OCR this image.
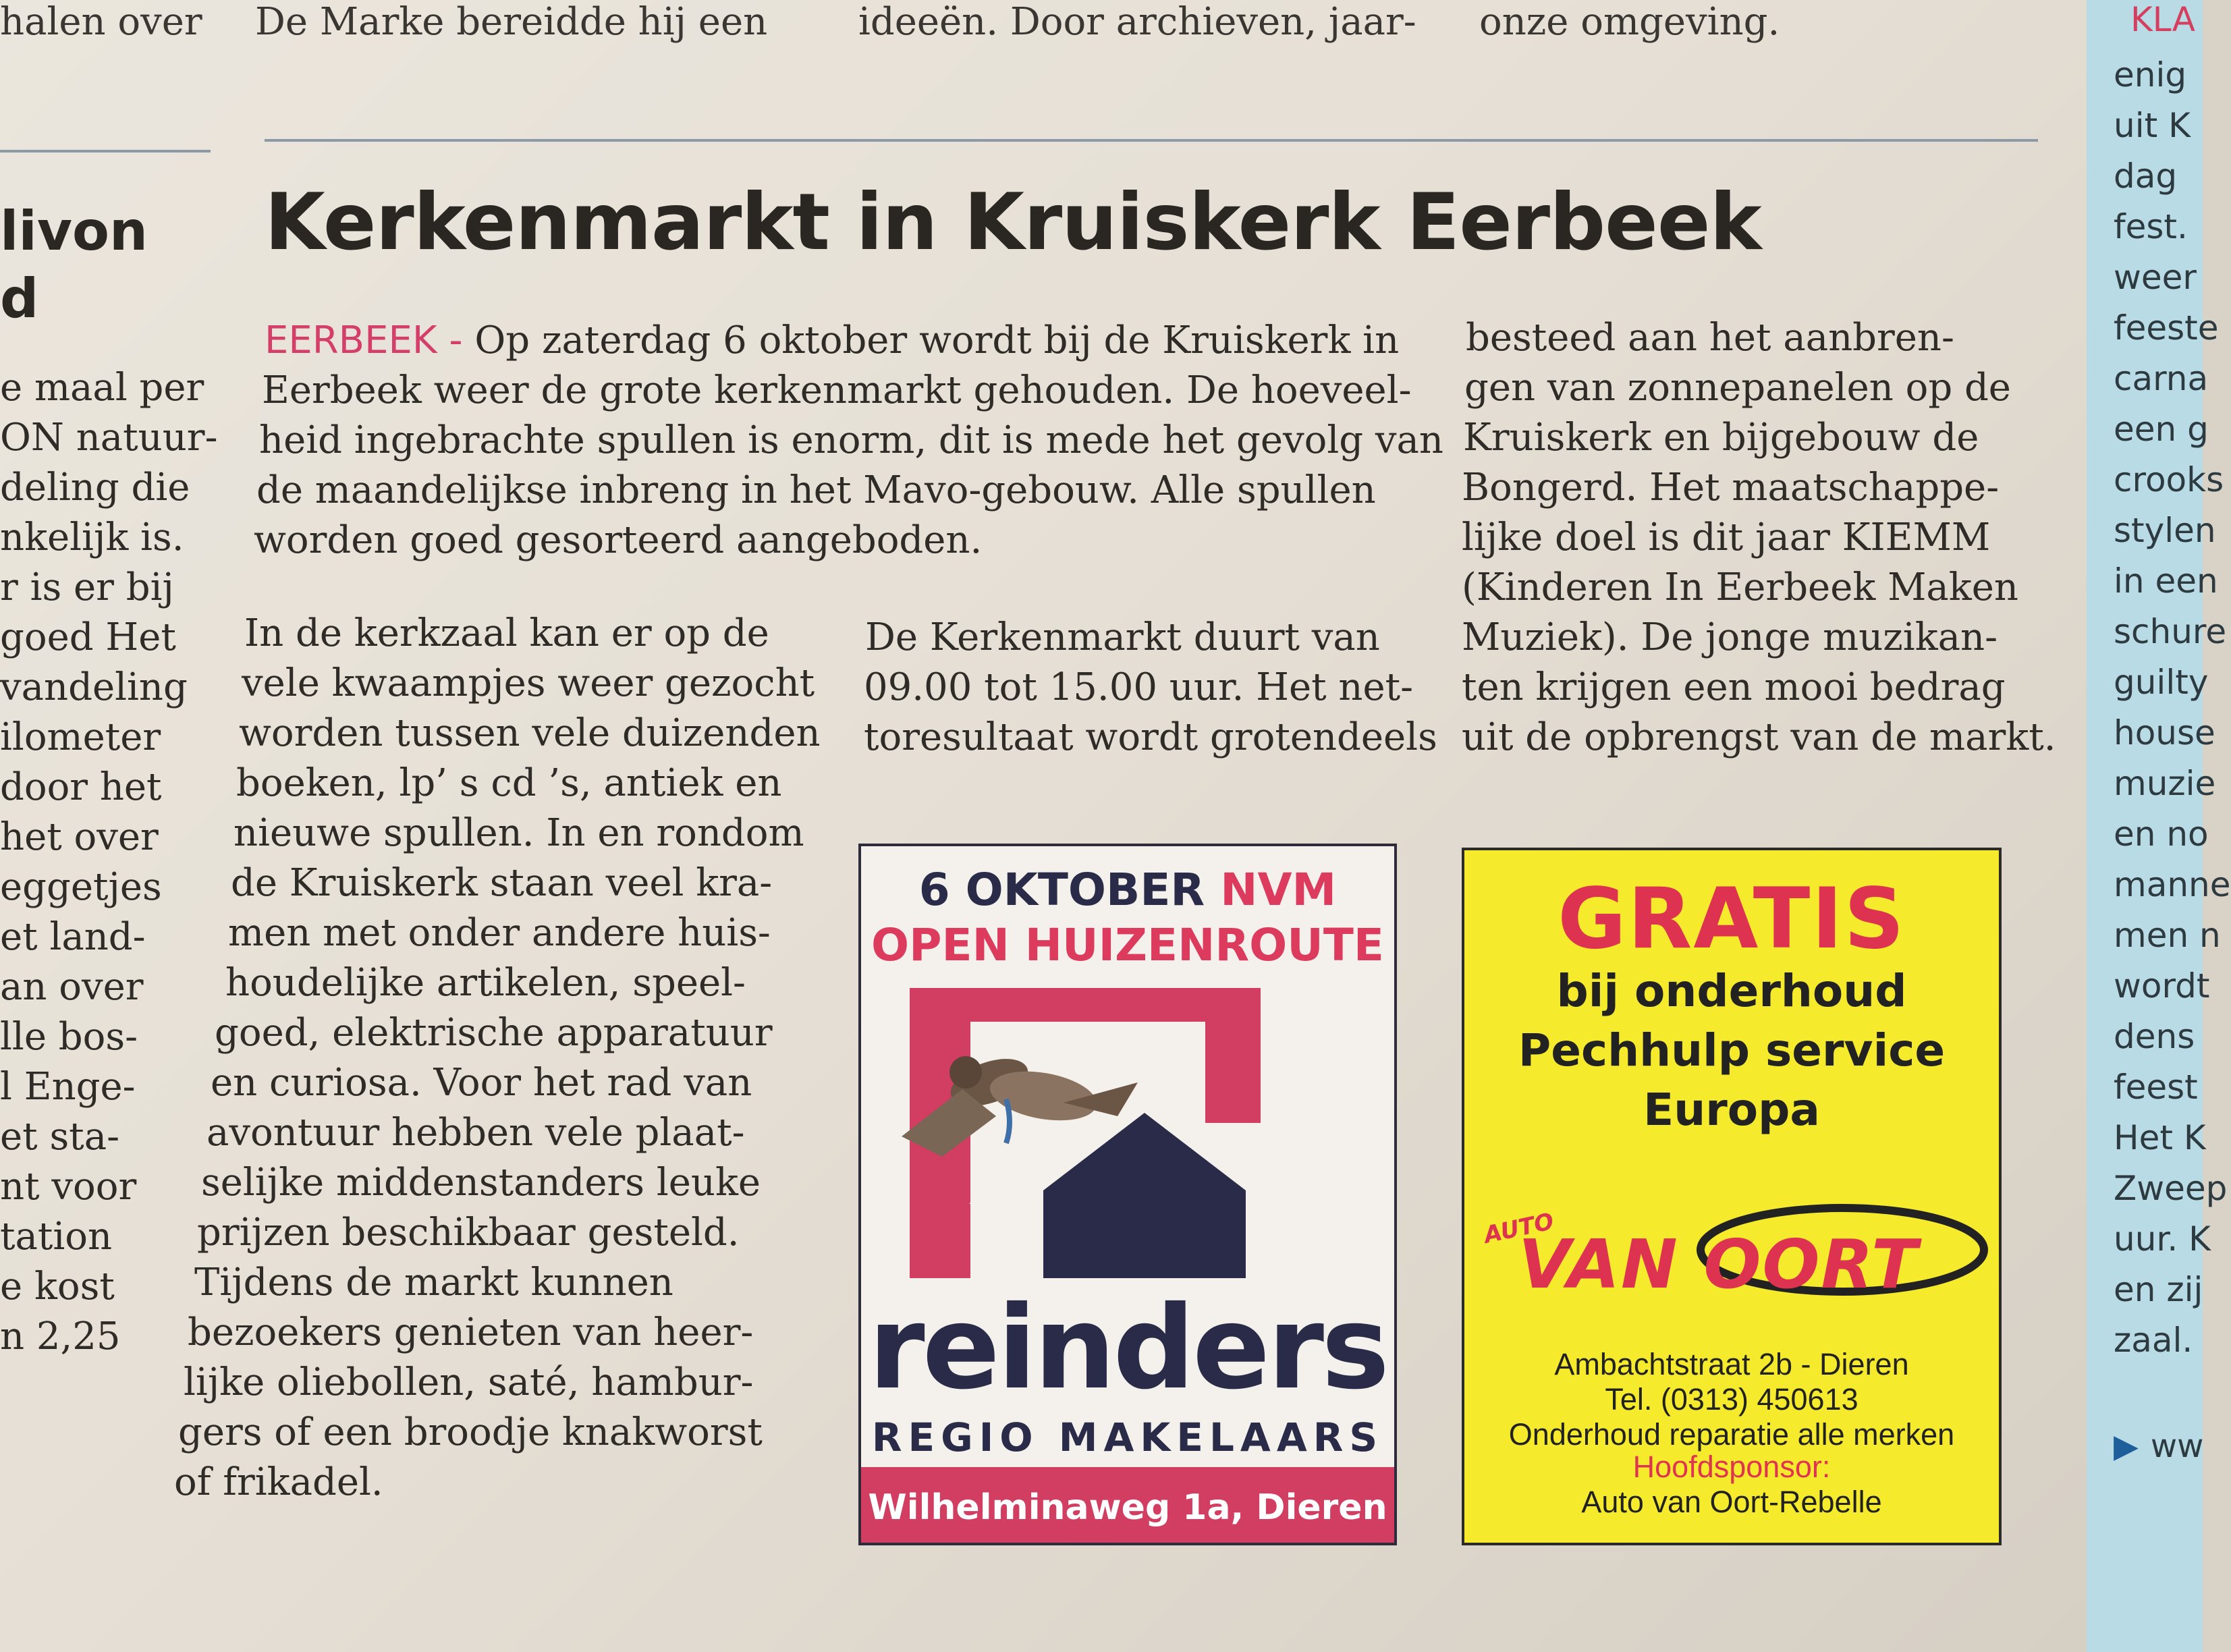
halen over De Marke bereidde hij een ideeën. Door archieven, jaar- onze omgeving.
livon
d
e maal per
ON natuur-
deling die
nkelijk is.
r is er bij
goed Het
vandeling
ilometer
door het
het over
eggetjes
et land-
an over
lle bos-
l Enge-
et sta-
nt voor
tation
e kost
n 2,25
Kerkenmarkt in Kruiskerk Eerbeek
EERBEEK - Op zaterdag 6 oktober wordt bij de Kruiskerk in
Eerbeek weer de grote kerkenmarkt gehouden. De hoeveel-
heid ingebrachte spullen is enorm, dit is mede het gevolg van
de maandelijkse inbreng in het Mavo-gebouw. Alle spullen
worden goed gesorteerd aangeboden.
In de kerkzaal kan er op de
vele kwaampjes weer gezocht
worden tussen vele duizenden
boeken, lp’ s cd ’s, antiek en
nieuwe spullen. In en rondom
de Kruiskerk staan veel kra-
men met onder andere huis-
houdelijke artikelen, speel-
goed, elektrische apparatuur
en curiosa. Voor het rad van
avontuur hebben vele plaat-
selijke middenstanders leuke
prijzen beschikbaar gesteld.
Tijdens de markt kunnen
bezoekers genieten van heer-
lijke oliebollen, saté, hambur-
gers of een broodje knakworst
of frikadel.
De Kerkenmarkt duurt van
09.00 tot 15.00 uur. Het net-
toresultaat wordt grotendeels
besteed aan het aanbren-
gen van zonnepanelen op de
Kruiskerk en bijgebouw de
Bongerd. Het maatschappe-
lijke doel is dit jaar KIEMM
(Kinderen In Eerbeek Maken
Muziek). De jonge muzikan-
ten krijgen een mooi bedrag
uit de opbrengst van de markt.
6 OKTOBER NVM
OPEN HUIZENROUTE
reinders
REGIO MAKELAARS
Wilhelminaweg 1a, Dieren
GRATIS
bij onderhoud
Pechhulp service
Europa
AUTO
VAN OORT
Ambachtstraat 2b - Dieren
Tel. (0313) 450613
Onderhoud reparatie alle merken
Hoofdsponsor:
Auto van Oort-Rebelle
KLA
enig
uit K
dag
fest.
weer
feeste
carna
een g
crooks
stylen
in een
schure
guilty
house
muzie
en no
manne
men n
wordt
dens
feest
Het K
Zweep
uur. K
en zij
zaal.
▶ ww
